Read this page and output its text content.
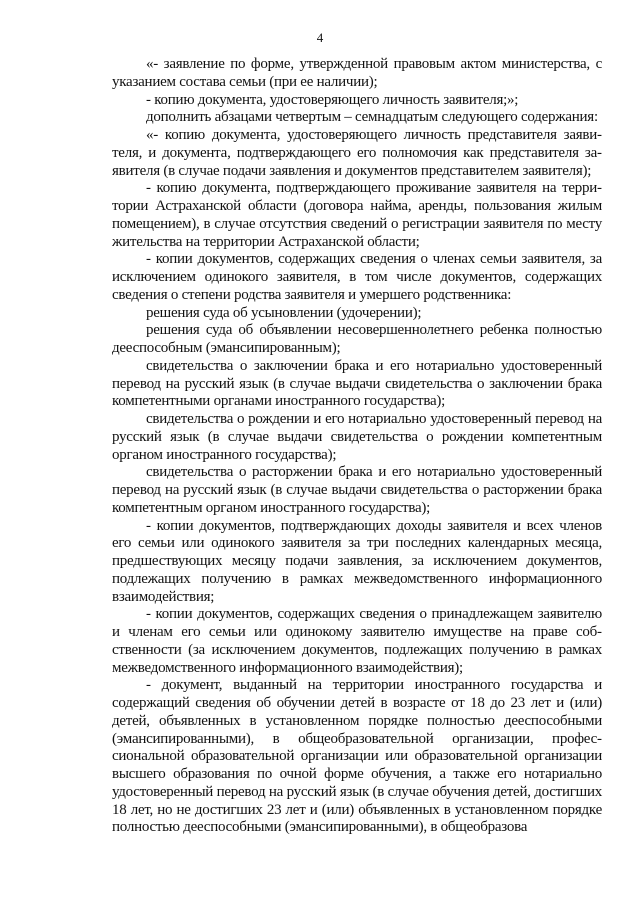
4

«- заявление по форме, утвержденной правовым актом министерства, с указанием состава семьи (при ее наличии);

- копию документа, удостоверяющего личность заявителя;»;

дополнить абзацами четвертым – семнадцатым следующего содержания:

«- копию документа, удостоверяющего личность представителя заявителя, и документа, подтверждающего его полномочия как представителя заявителя (в случае подачи заявления и документов представителем заявителя);

- копию документа, подтверждающего проживание заявителя на территории Астраханской области (договора найма, аренды, пользования жилым помещением), в случае отсутствия сведений о регистрации заявителя по месту жительства на территории Астраханской области;

- копии документов, содержащих сведения о членах семьи заявителя, за исключением одинокого заявителя, в том числе документов, содержащих сведения о степени родства заявителя и умершего родственника:

решения суда об усыновлении (удочерении);

решения суда об объявлении несовершеннолетнего ребенка полностью дееспособным (эмансипированным);

свидетельства о заключении брака и его нотариально удостоверенный перевод на русский язык (в случае выдачи свидетельства о заключении брака компетентными органами иностранного государства);

свидетельства о рождении и его нотариально удостоверенный перевод на русский язык (в случае выдачи свидетельства о рождении компетентным органом иностранного государства);

свидетельства о расторжении брака и его нотариально удостоверенный перевод на русский язык (в случае выдачи свидетельства о расторжении брака компетентным органом иностранного государства);

- копии документов, подтверждающих доходы заявителя и всех членов его семьи или одинокого заявителя за три последних календарных месяца, предшествующих месяцу подачи заявления, за исключением документов, подлежащих получению в рамках межведомственного информационного взаимодействия;

- копии документов, содержащих сведения о принадлежащем заявителю и членам его семьи или одинокому заявителю имуществе на праве собственности (за исключением документов, подлежащих получению в рамках межведомственного информационного взаимодействия);

- документ, выданный на территории иностранного государства и содержащий сведения об обучении детей в возрасте от 18 до 23 лет и (или) детей, объявленных в установленном порядке полностью дееспособными (эмансипированными), в общеобразовательной организации, профессиональной образовательной организации или образовательной организации высшего образования по очной форме обучения, а также его нотариально удостоверенный перевод на русский язык (в случае обучения детей, достигших 18 лет, но не достигших 23 лет и (или) объявленных в установленном порядке полностью дееспособными (эмансипированными), в общеобразова
